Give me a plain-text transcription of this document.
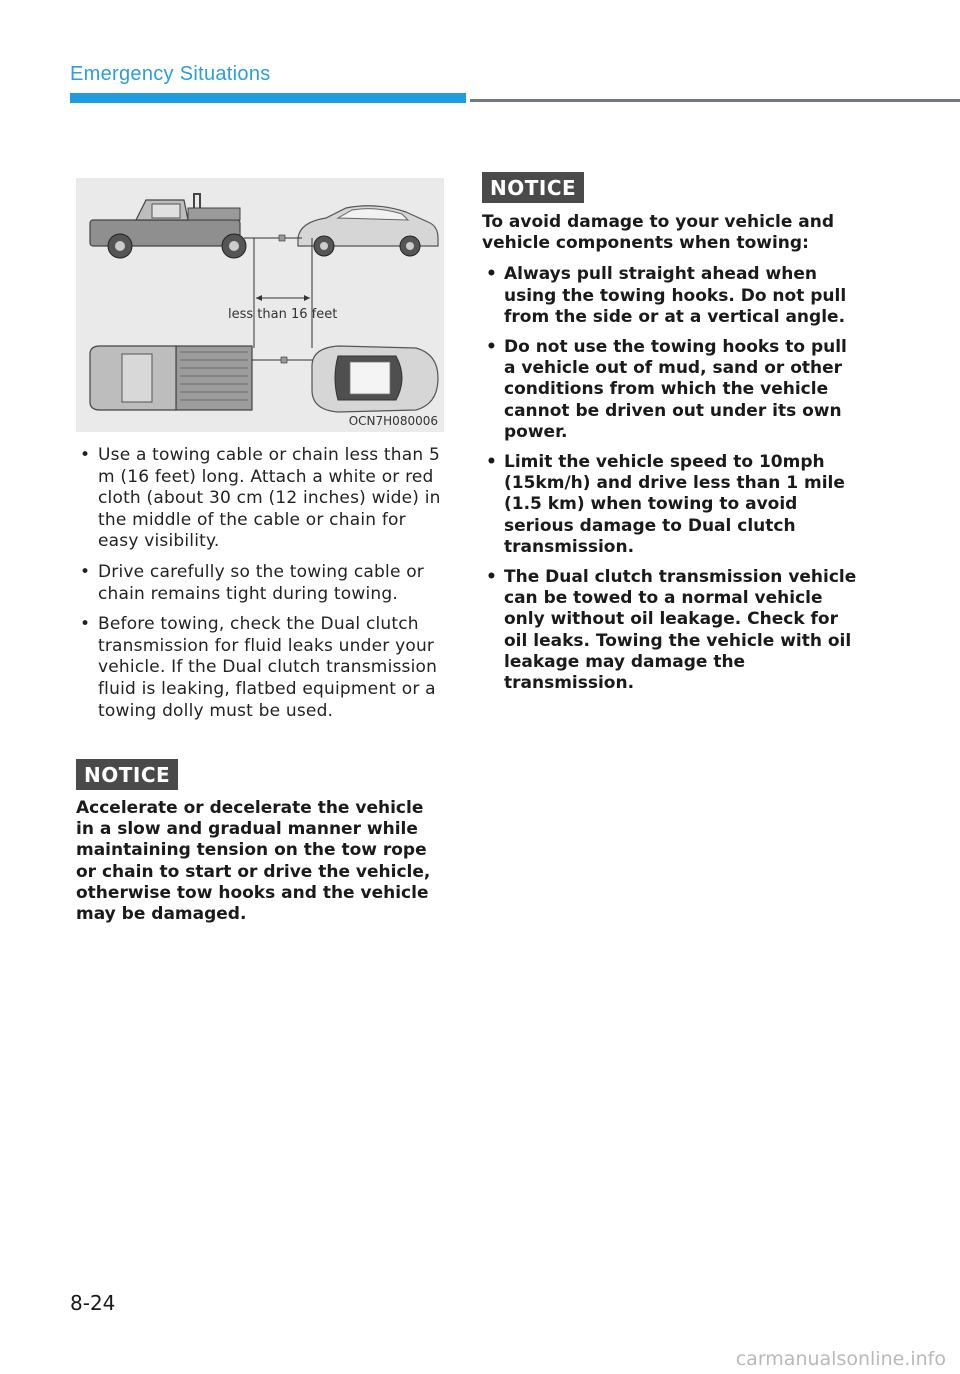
Emergency Situations
less than 16 feet
OCN7H080006
• Use a towing cable or chain less than 5 m (16 feet) long. Attach a white or red cloth (about 30 cm (12 inches) wide) in the middle of the cable or chain for easy visibility.
• Drive carefully so the towing cable or chain remains tight during towing.
• Before towing, check the Dual clutch transmission for fluid leaks under your vehicle. If the Dual clutch transmission fluid is leaking, flatbed equipment or a towing dolly must be used.
NOTICE
Accelerate or decelerate the vehicle in a slow and gradual manner while maintaining tension on the tow rope or chain to start or drive the vehicle, otherwise tow hooks and the vehicle may be damaged.
NOTICE
To avoid damage to your vehicle and vehicle components when towing:
• Always pull straight ahead when using the towing hooks. Do not pull from the side or at a vertical angle.
• Do not use the towing hooks to pull a vehicle out of mud, sand or other conditions from which the vehicle cannot be driven out under its own power.
• Limit the vehicle speed to 10mph (15km/h) and drive less than 1 mile (1.5 km) when towing to avoid serious damage to Dual clutch transmission.
• The Dual clutch transmission vehicle can be towed to a normal vehicle only without oil leakage. Check for oil leaks. Towing the vehicle with oil leakage may damage the transmission.
8-24
carmanualsonline.info
